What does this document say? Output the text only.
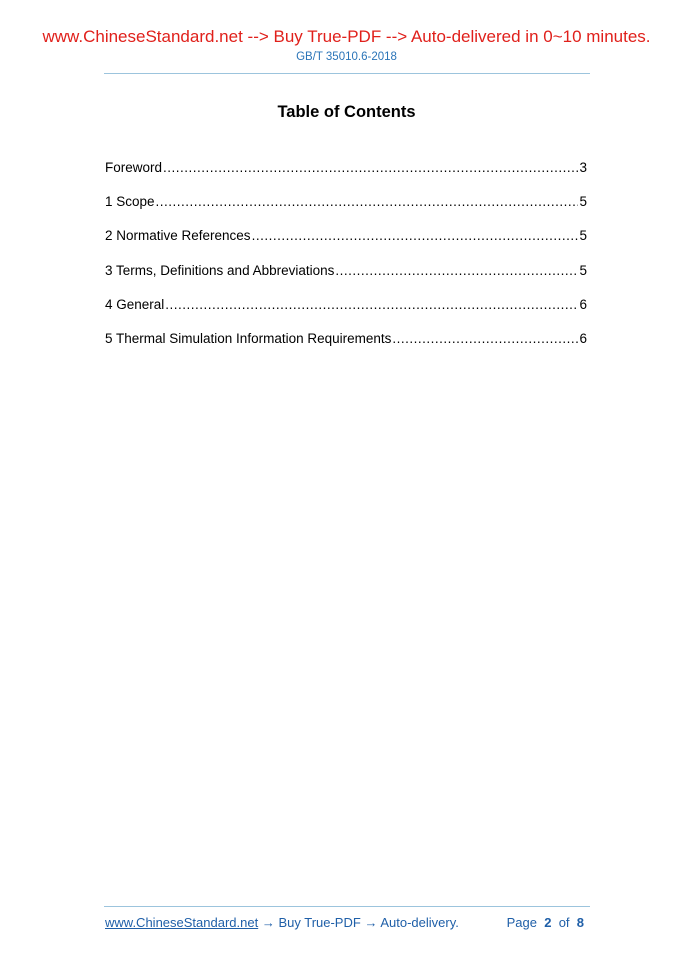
www.ChineseStandard.net --> Buy True-PDF --> Auto-delivered in 0~10 minutes.
GB/T 35010.6-2018
Table of Contents
Foreword .....	3
1 Scope .....	5
2 Normative References .....	5
3 Terms, Definitions and Abbreviations .....	5
4 General .....	6
5 Thermal Simulation Information Requirements .....	6
www.ChineseStandard.net → Buy True-PDF → Auto-delivery.	Page 2 of 8
